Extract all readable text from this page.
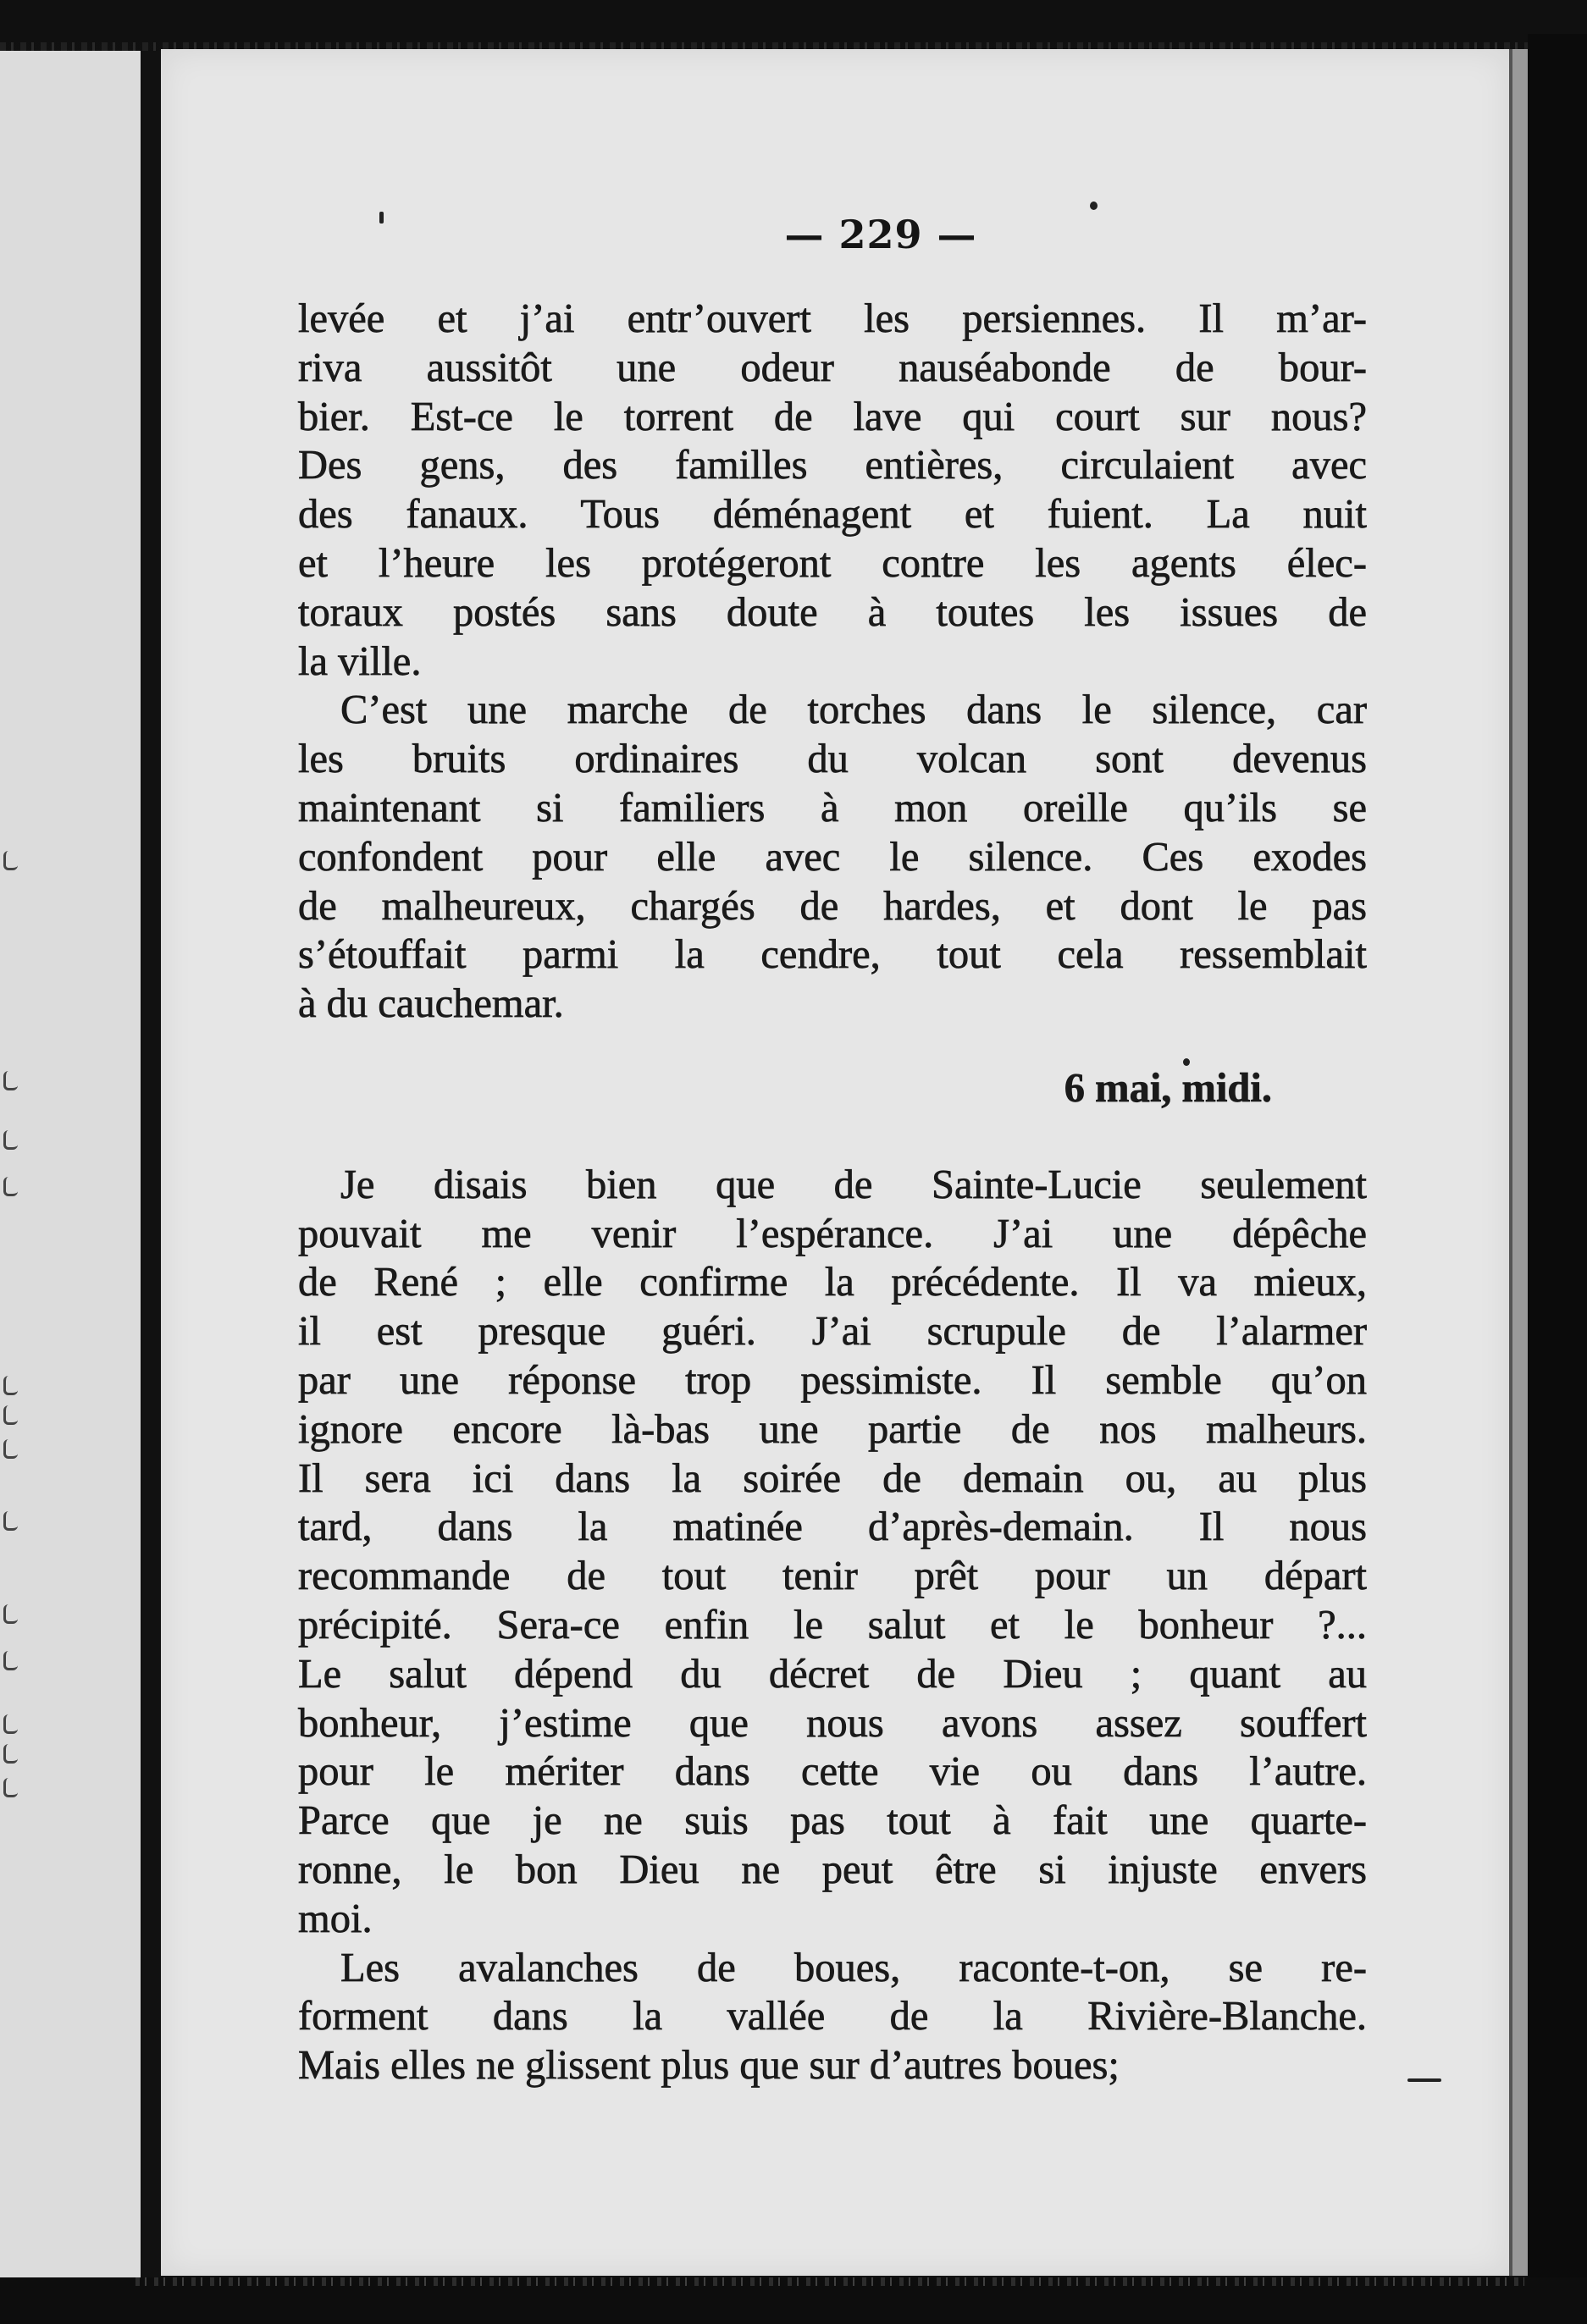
— 229 —
levée et j’ai entr’ouvert les persiennes. Il m’ar-
riva aussitôt une odeur nauséabonde de bour-
bier. Est-ce le torrent de lave qui court sur nous?
Des gens, des familles entières, circulaient avec
des fanaux. Tous déménagent et fuient. La nuit
et l’heure les protégeront contre les agents élec-
toraux postés sans doute à toutes les issues de
la ville.
C’est une marche de torches dans le silence, car
les bruits ordinaires du volcan sont devenus
maintenant si familiers à mon oreille qu’ils se
confondent pour elle avec le silence. Ces exodes
de malheureux, chargés de hardes, et dont le pas
s’étouffait parmi la cendre, tout cela ressemblait
à du cauchemar.
6 mai, midi.
Je disais bien que de Sainte-Lucie seulement
pouvait me venir l’espérance. J’ai une dépêche
de René ; elle confirme la précédente. Il va mieux,
il est presque guéri. J’ai scrupule de l’alarmer
par une réponse trop pessimiste. Il semble qu’on
ignore encore là-bas une partie de nos malheurs.
Il sera ici dans la soirée de demain ou, au plus
tard, dans la matinée d’après-demain. Il nous
recommande de tout tenir prêt pour un départ
précipité. Sera-ce enfin le salut et le bonheur ?...
Le salut dépend du décret de Dieu ; quant au
bonheur, j’estime que nous avons assez souffert
pour le mériter dans cette vie ou dans l’autre.
Parce que je ne suis pas tout à fait une quarte-
ronne, le bon Dieu ne peut être si injuste envers
moi.
Les avalanches de boues, raconte-t-on, se re-
forment dans la vallée de la Rivière-Blanche.
Mais elles ne glissent plus que sur d’autres boues;
